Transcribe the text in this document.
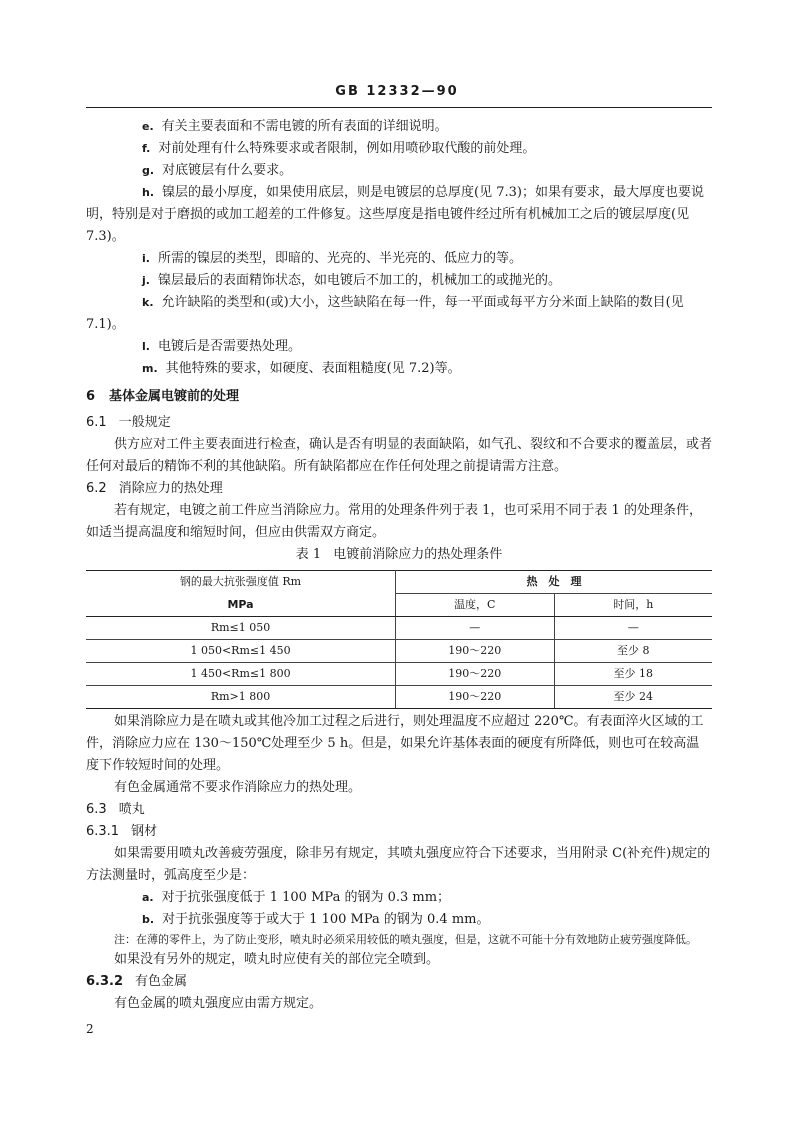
GB 12332—90

e. 有关主要表面和不需电镀的所有表面的详细说明。

f. 对前处理有什么特殊要求或者限制，例如用喷砂取代酸的前处理。

g. 对底镀层有什么要求。

h. 镍层的最小厚度，如果使用底层，则是电镀层的总厚度(见 7.3)；如果有要求，最大厚度也要说明，特别是对于磨损的或加工超差的工件修复。这些厚度是指电镀件经过所有机械加工之后的镀层厚度(见 7.3)。

i. 所需的镍层的类型，即暗的、光亮的、半光亮的、低应力的等。

j. 镍层最后的表面精饰状态，如电镀后不加工的，机械加工的或抛光的。

k. 允许缺陷的类型和(或)大小，这些缺陷在每一件，每一平面或每平方分米面上缺陷的数目(见 7.1)。

l. 电镀后是否需要热处理。

m. 其他特殊的要求，如硬度、表面粗糙度(见 7.2)等。

6 基体金属电镀前的处理

6.1 一般规定

供方应对工件主要表面进行检查，确认是否有明显的表面缺陷，如气孔、裂纹和不合要求的覆盖层，或者任何对最后的精饰不利的其他缺陷。所有缺陷都应在作任何处理之前提请需方注意。

6.2 消除应力的热处理

若有规定，电镀之前工件应当消除应力。常用的处理条件列于表 1，也可采用不同于表 1 的处理条件，如适当提高温度和缩短时间，但应由供需双方商定。

表 1 电镀前消除应力的热处理条件

钢的最大抗张强度值 Rm	热　处　理	
MPa	温度，C	时间，h
Rm≤1 050	—	—
1 050<Rm≤1 450	190～220	至少 8
1 450<Rm≤1 800	190～220	至少 18
Rm>1 800	190～220	至少 24

如果消除应力是在喷丸或其他冷加工过程之后进行，则处理温度不应超过 220℃。有表面淬火区域的工件，消除应力应在 130～150℃处理至少 5 h。但是，如果允许基体表面的硬度有所降低，则也可在较高温度下作较短时间的处理。

有色金属通常不要求作消除应力的热处理。

6.3 喷丸

6.3.1 钢材

如果需要用喷丸改善疲劳强度，除非另有规定，其喷丸强度应符合下述要求，当用附录 C(补充件)规定的方法测量时，弧高度至少是：

a. 对于抗张强度低于 1 100 MPa 的钢为 0.3 mm；

b. 对于抗张强度等于或大于 1 100 MPa 的钢为 0.4 mm。

注：在薄的零件上，为了防止变形，喷丸时必须采用较低的喷丸强度，但是，这就不可能十分有效地防止疲劳强度降低。

如果没有另外的规定，喷丸时应使有关的部位完全喷到。

6.3.2 有色金属

有色金属的喷丸强度应由需方规定。

2
